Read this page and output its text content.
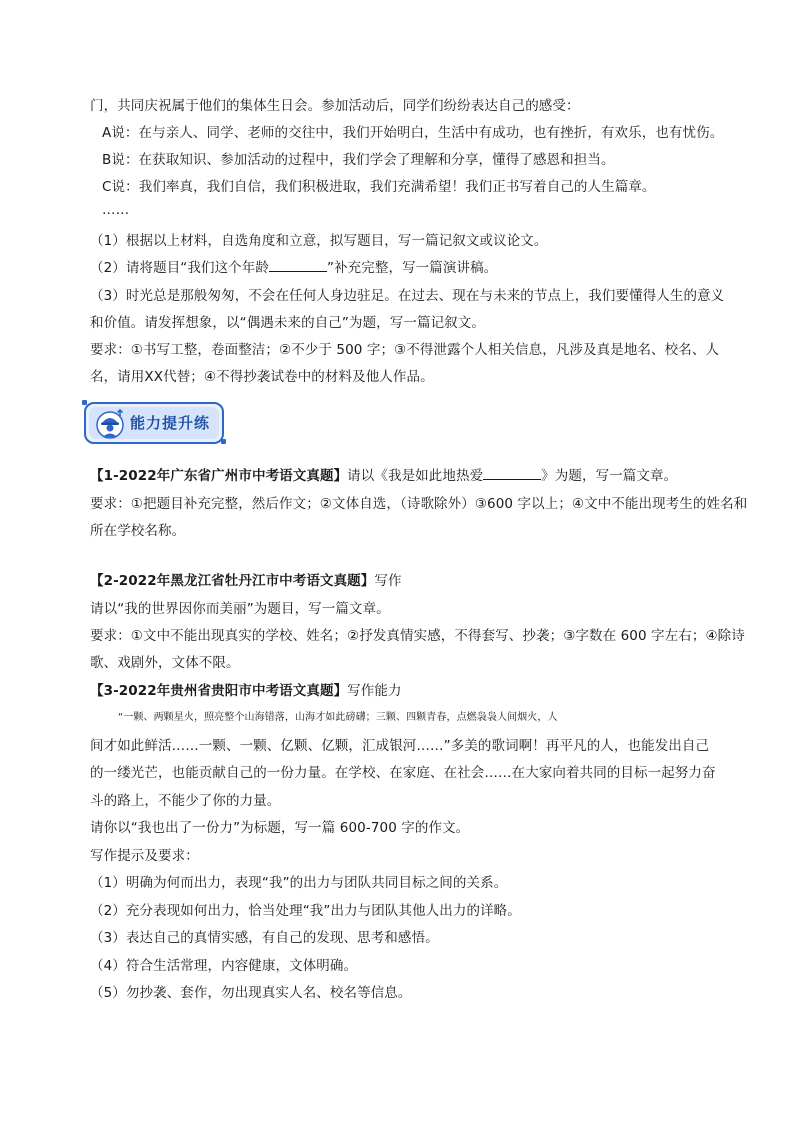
门，共同庆祝属于他们的集体生日会。参加活动后，同学们纷纷表达自己的感受：
A说：在与亲人、同学、老师的交往中，我们开始明白，生活中有成功，也有挫折，有欢乐，也有忧伤。
B说：在获取知识、参加活动的过程中，我们学会了理解和分享，懂得了感恩和担当。
C说：我们率真，我们自信，我们积极进取，我们充满希望！我们正书写着自己的人生篇章。
……
（1）根据以上材料，自选角度和立意，拟写题目，写一篇记叙文或议论文。
（2）请将题目“我们这个年龄	”补充完整，写一篇演讲稿。
（3）时光总是那般匆匆，不会在任何人身边驻足。在过去、现在与未来的节点上，我们要懂得人生的意义
和价值。请发挥想象，以“偶遇未来的自己”为题，写一篇记叙文。
要求：①书写工整，卷面整洁；②不少于 500 字；③不得泄露个人相关信息，凡涉及真是地名、校名、人
名，请用XX代替；④不得抄袭试卷中的材料及他人作品。
能力提升练
【1-2022年广东省广州市中考语文真题】请以《我是如此地热爱	》为题，写一篇文章。
要求：①把题目补充完整，然后作文；②文体自选，（诗歌除外）③600 字以上；④文中不能出现考生的姓名和
所在学校名称。
【2-2022年黑龙江省牡丹江市中考语文真题】写作
请以“我的世界因你而美丽”为题目，写一篇文章。
要求：①文中不能出现真实的学校、姓名；②抒发真情实感，不得套写、抄袭；③字数在 600 字左右；④除诗
歌、戏剧外，文体不限。
【3-2022年贵州省贵阳市中考语文真题】写作能力
“一颗、两颗星火，照亮整个山海错落，山海才如此磅礴；三颗、四颗青春，点燃袅袅人间烟火，人
间才如此鲜活……一颗、一颗、亿颗、亿颗，汇成银河……”多美的歌词啊！再平凡的人，也能发出自己
的一缕光芒，也能贡献自己的一份力量。在学校、在家庭、在社会……在大家向着共同的目标一起努力奋
斗的路上，不能少了你的力量。
请你以“我也出了一份力”为标题，写一篇 600-700 字的作文。
写作提示及要求：
（1）明确为何而出力，表现“我”的出力与团队共同目标之间的关系。
（2）充分表现如何出力，恰当处理“我”出力与团队其他人出力的详略。
（3）表达自己的真情实感，有自己的发现、思考和感悟。
（4）符合生活常理，内容健康，文体明确。
（5）勿抄袭、套作，勿出现真实人名、校名等信息。
